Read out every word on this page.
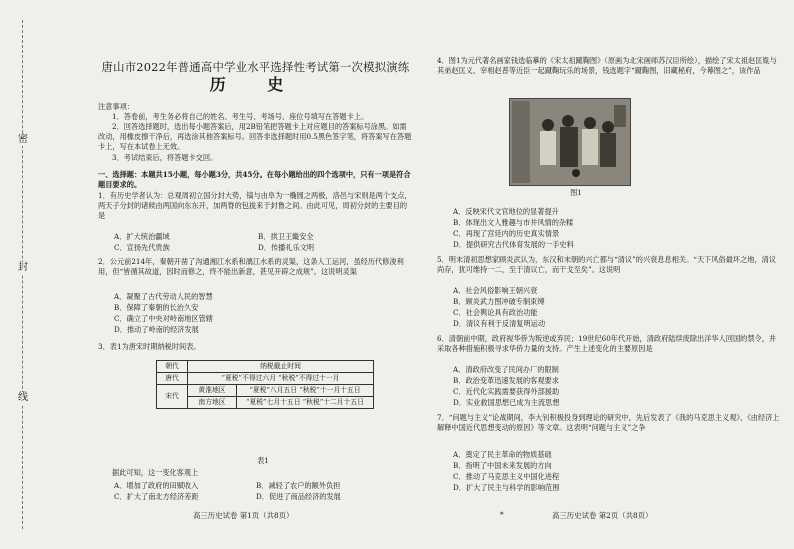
密
封
线
唐山市2022年普通高中学业水平选择性考试第一次模拟演练
历 史
注意事项：
1．答卷前，考生务必将自己的姓名、考生号、考场号、座位号填写在答题卡上。
2．回答选择题时，选出每小题答案后，用2B铅笔把答题卡上对应题目的答案标号涂黑。如需改动，用橡皮擦干净后，再选涂其他答案标号。回答非选择题时用0.5黑色签字笔，将答案写在答题卡上，写在本试卷上无效。
3．考试结束后，将答题卡交回。
一、选择题：本题共15小题，每小题3分，共45分。在每小题给出的四个选项中，只有一项是符合题目要求的。
1．有历史学者认为：总观周初立国分封大势，镐与由阜为一椭圆之两极，洛邑与宋则是两个支点，两天子分封的诸候由两国向东东开，加两脊的包拢来于封鲁之间。由此可见，周初分封的主要目的是
A．扩大统治疆域	B．拱卫王畿安全
C．宣扬先代贵族	D．传播礼乐文明
2．公元前214年，秦朝开凿了沟通湘江水系和漓江水系的灵渠，这条人工运河，虽经历代修浚利用，但“皆循其故道，因时而修之，终不能出新意，甚见开辟之成规”。这说明灵渠
A．凝聚了古代劳动人民的智慧
B．保障了秦朝的长治久安
C．确立了中央对岭南地区管辖
D．推动了岭南的经济发展
3．表1为唐宋时期纳税时间表。
朝代	纳税截止时间	
唐代	“夏税”不得过六月 “秋税”不得过十一月	
宋代	黄淮地区	“夏税”八月五日 “秋税”十一月十五日
	南方地区	“夏税”七月十五日 “秋税”十二月十五日
表1
据此可知，这一变化客观上
A．增加了政府的田赋收入	B．减轻了农户的额外负担
C．扩大了南北方经济差距	D．促进了商品经济的发展
4．图1为元代著名画家钱选临摹的《宋太祖蹴鞠图》（原画为北宋画师苏汉臣所绘），描绘了宋太祖赵匡胤与其弟赵匡义、宰相赵普等近臣一起蹴鞠玩乐的场景，钱选题字“蹴鞠图，旧藏秘府，今幕图之”，该作品
图1
A．反映宋代文官地位的显著提升
B．体现出文人雅趣与市井风情的杂糅
C．再现了宫廷内的历史真实情景
D．提供研究古代体育发展的一手史料
5．明末清初思想家顾炎武认为，东汉和末朝的兴亡都与“清议”的兴衰息息相关。“天下风俗最坏之地，清议尚存，犹可维持一二，至于清议亡，而干戈至矣”。这说明
A．社会风俗影响王朝兴衰
B．顾炎武力图冲破专制束缚
C．社会舆论具有政治功能
D．清议有利于反清复明运动
6．清朝前中期，政府视华侨为叛逆或弃民；19世纪60年代开始，清政府陆续废除出洋华人回国的禁令，并采取各种措施积极寻求华侨力量的支持。产生上述变化的主要原因是
A．清政府改变了民间办厂的限制
B．政治变革迅速发展的客观要求
C．近代化实践需要获得外部援助
D．实业救国思想已成为主流思想
7．“问题与主义”论战期间，李大钊积极投身到理论的研究中，先后发表了《我的马克思主义观》、《由经济上解释中国近代思想变动的原因》等文章。这表明“问题与主义”之争
A．奠定了民主革命的物质基础
B．指明了中国未来发展的方向
C．推动了马克思主义中国化进程
D．扩大了民主与科学的影响范围
高三历史试卷 第1页（共8页）	*	高三历史试卷 第2页（共8页）
